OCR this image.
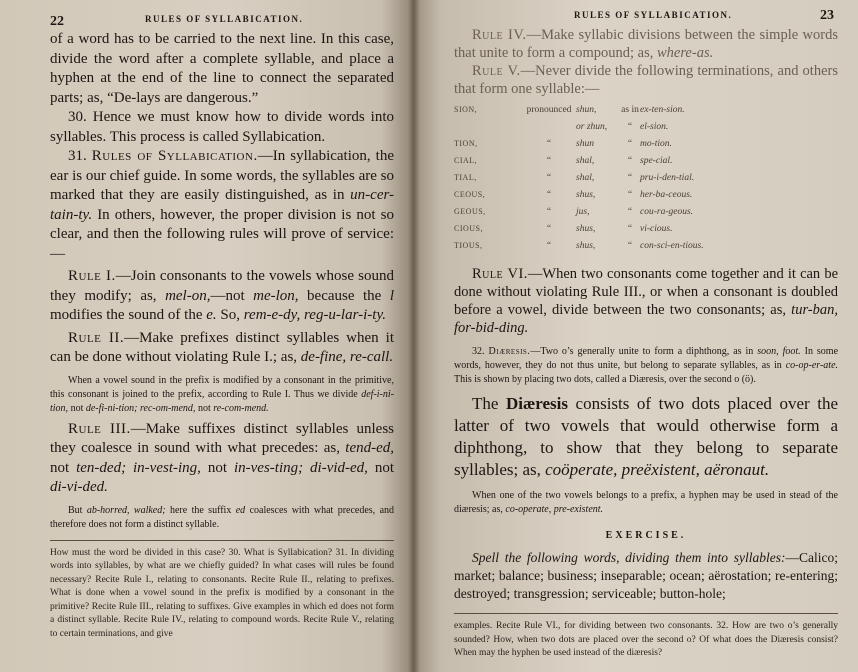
22	RULES OF SYLLABICATION.

of a word has to be carried to the next line. In this case, divide the word after a complete syllable, and place a hyphen at the end of the line to connect the separated parts; as, “De-lays are dangerous.”

30. Hence we must know how to divide words into syllables. This process is called Syllabication.

31. Rules of Syllabication.—In syllabication, the ear is our chief guide. In some words, the syllables are so marked that they are easily distinguished, as in un-cer-tain-ty. In others, however, the proper division is not so clear, and then the following rules will prove of service:—

Rule I.—Join consonants to the vowels whose sound they modify; as, mel-on,—not me-lon, because the l modifies the sound of the e. So, rem-e-dy, reg-u-lar-i-ty.

Rule II.—Make prefixes distinct syllables when it can be done without violating Rule I.; as, de-fine, re-call.

When a vowel sound in the prefix is modified by a consonant in the primitive, this consonant is joined to the prefix, according to Rule I. Thus we divide def-i-ni-tion, not de-fi-ni-tion; rec-om-mend, not re-com-mend.

Rule III.—Make suffixes distinct syllables unless they coalesce in sound with what precedes: as, tend-ed, not ten-ded; in-vest-ing, not in-ves-ting; di-vid-ed, not di-vi-ded.

But ab-horred, walked; here the suffix ed coalesces with what precedes, and therefore does not form a distinct syllable.

How must the word be divided in this case? 30. What is Syllabication? 31. In dividing words into syllables, by what are we chiefly guided? In what cases will rules be found necessary? Recite Rule I., relating to consonants. Recite Rule II., relating to prefixes. What is done when a vowel sound in the prefix is modified by a consonant in the primitive? Recite Rule III., relating to suffixes. Give examples in which ed does not form a distinct syllable. Recite Rule IV., relating to compound words. Recite Rule V., relating to certain terminations, and give
RULES OF SYLLABICATION.	23

Rule IV.—Make syllabic divisions between the simple words that unite to form a compound; as, where-as.

Rule V.—Never divide the following terminations, and others that form one syllable:—

SION,	pronounced	shun,	as in	ex-ten-sion.
		or zhun,	“	el-sion.
TION,	“	shun	“	mo-tion.
CIAL,	“	shal,	“	spe-cial.
TIAL,	“	shal,	“	pru-i-den-tial.
CEOUS,	“	shus,	“	her-ba-ceous.
GEOUS,	“	jus,	“	cou-ra-geous.
CIOUS,	“	shus,	“	vi-cious.
TIOUS,	“	shus,	“	con-sci-en-tious.

Rule VI.—When two consonants come together and it can be done without violating Rule III., or when a consonant is doubled before a vowel, divide between the two consonants; as, tur-ban, for-bid-ding.

32. Diæresis.—Two o’s generally unite to form a diphthong, as in soon, foot. In some words, however, they do not thus unite, but belong to separate syllables, as in co-op-er-ate. This is shown by placing two dots, called a Diæresis, over the second o (ö).

The Diæresis consists of two dots placed over the latter of two vowels that would otherwise form a diphthong, to show that they belong to separate syllables; as, coöperate, preëxistent, aëronaut.

When one of the two vowels belongs to a prefix, a hyphen may be used in stead of the diæresis; as, co-operate, pre-existent.

EXERCISE.

Spell the following words, dividing them into syllables:—Calico; market; balance; business; inseparable; ocean; aërostation; re-entering; destroyed; transgression; serviceable; button-hole;

examples. Recite Rule VI., for dividing between two consonants. 32. How are two o’s generally sounded? How, when two dots are placed over the second o? Of what does the Diæresis consist? When may the hyphen be used instead of the diæresis?
